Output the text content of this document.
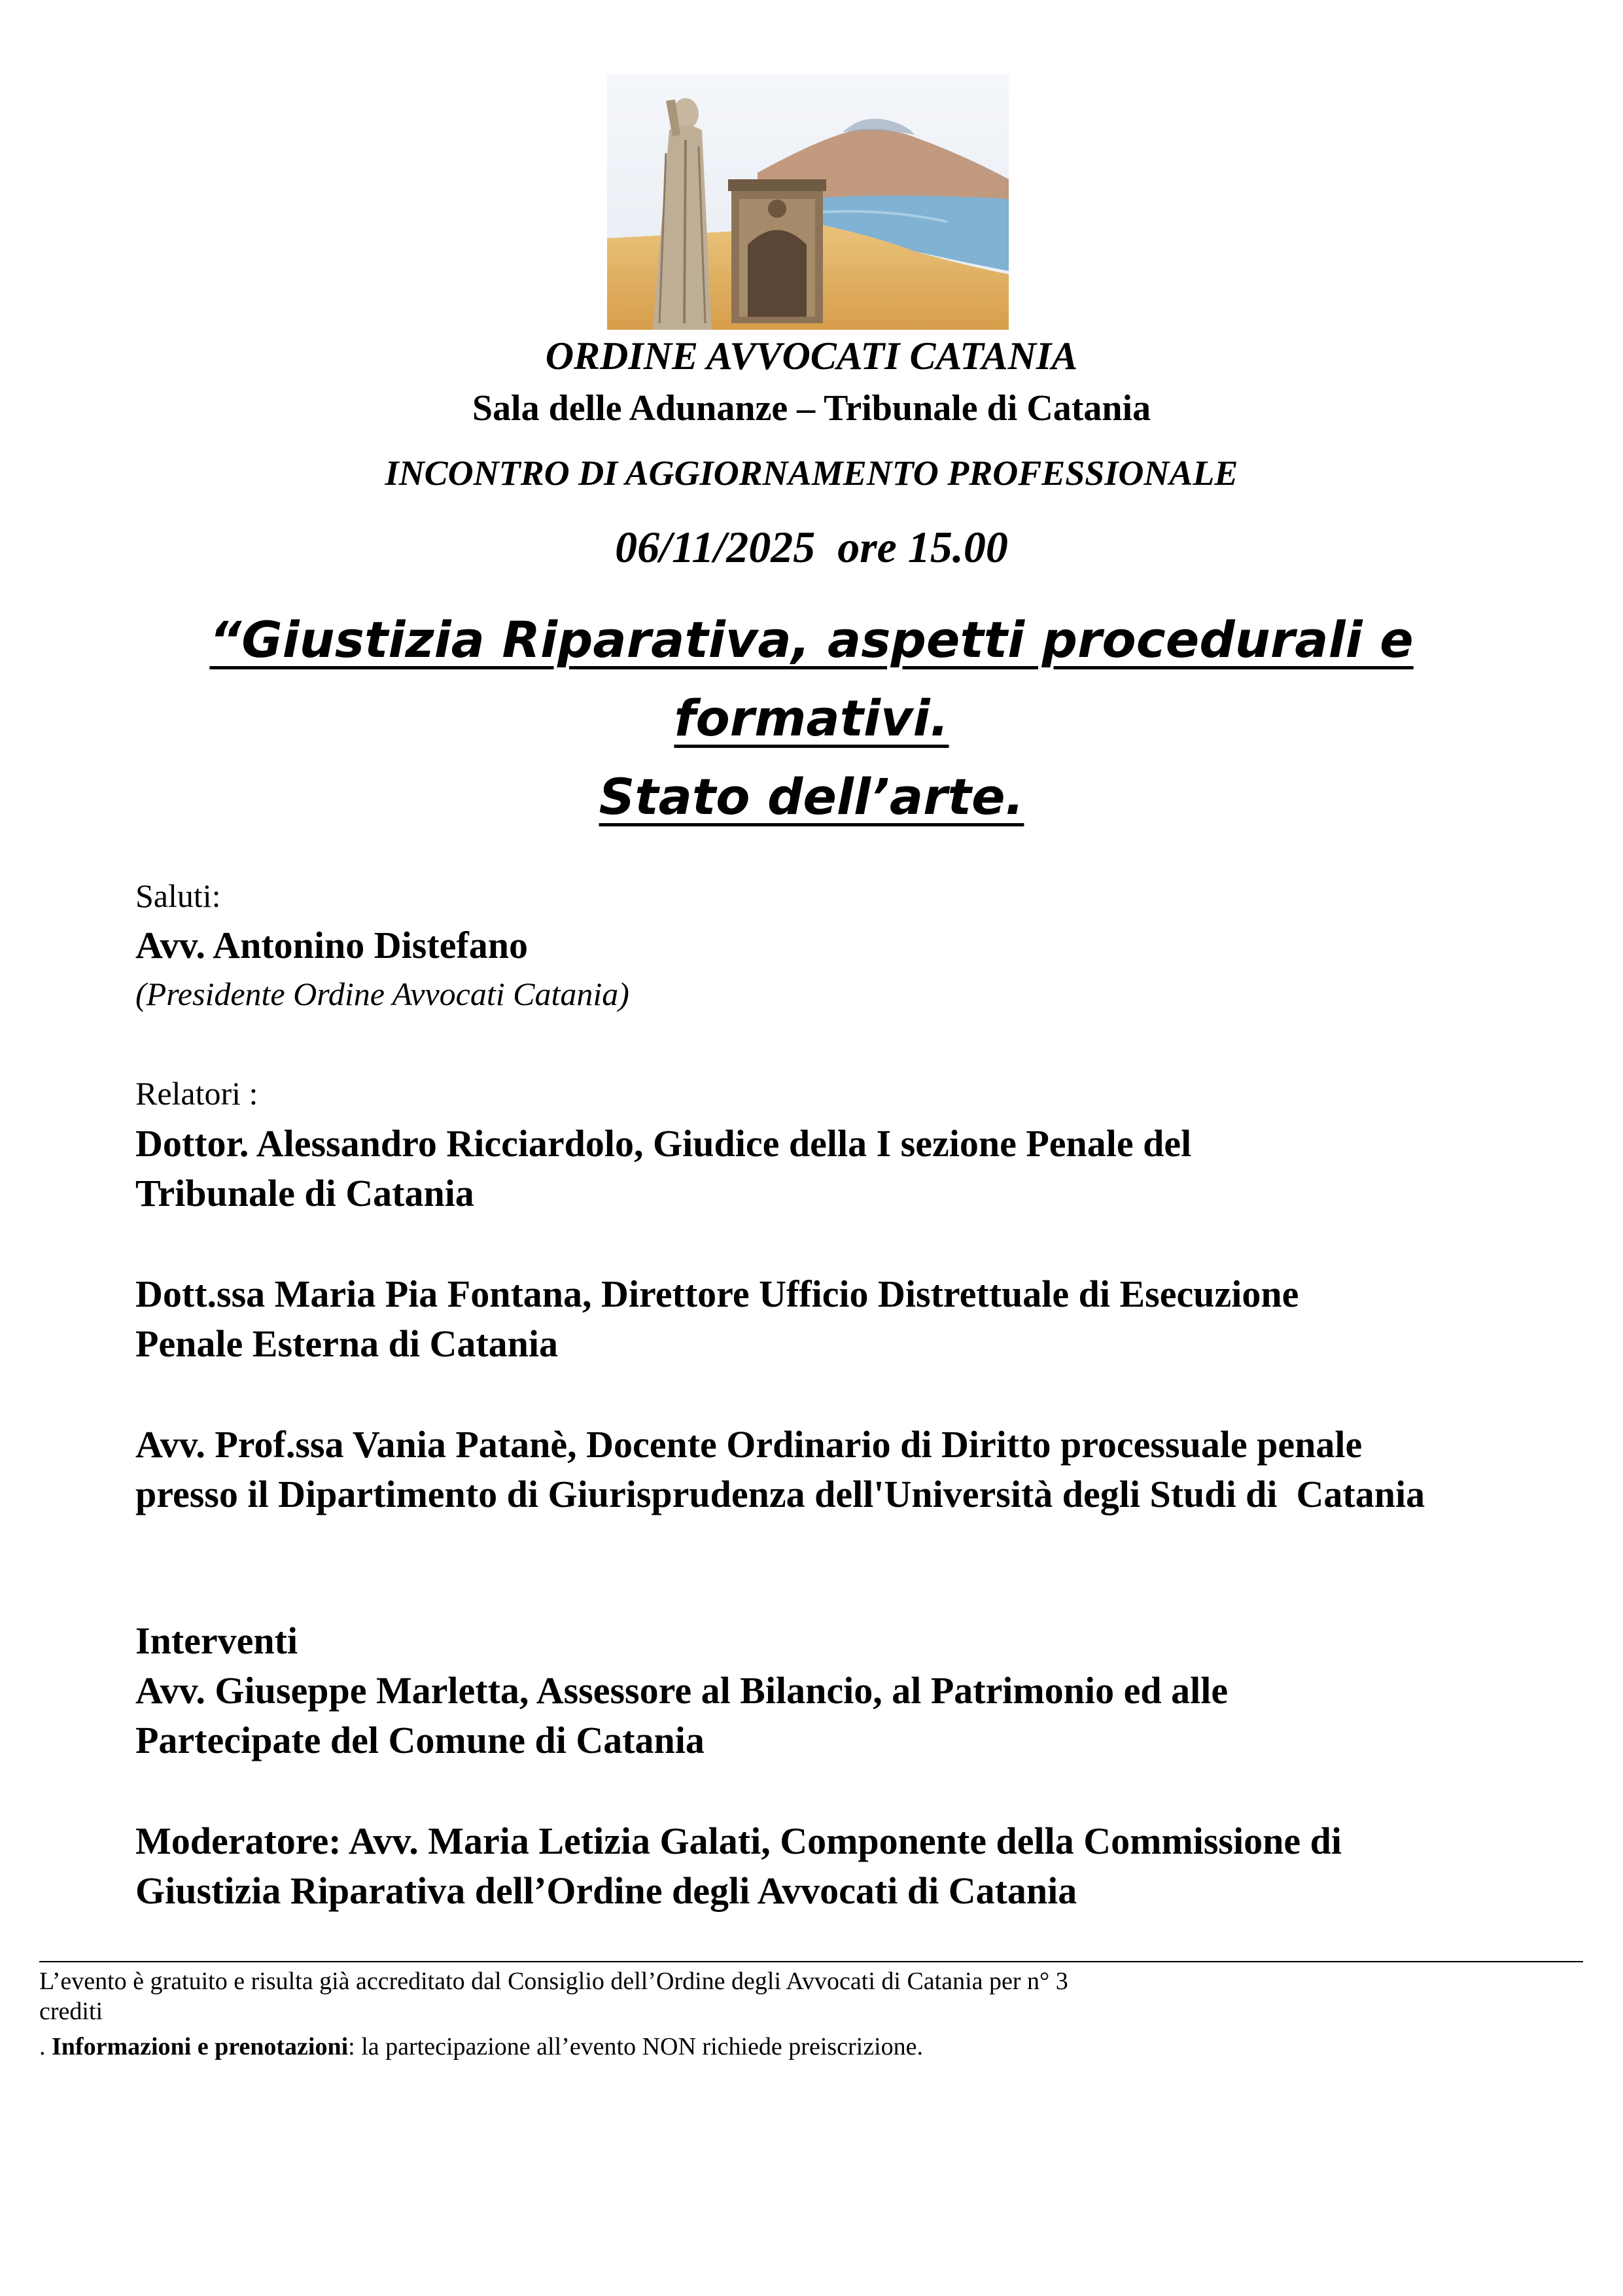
ORDINE AVVOCATI CATANIA
Sala delle Adunanze – Tribunale di Catania
INCONTRO DI AGGIORNAMENTO PROFESSIONALE
06/11/2025  ore 15.00
“Giustizia Riparativa, aspetti procedurali e
formativi.
Stato dell’arte.
Saluti:
Avv. Antonino Distefano
(Presidente Ordine Avvocati Catania)
Relatori :
Dottor. Alessandro Ricciardolo, Giudice della I sezione Penale del
Tribunale di Catania
Dott.ssa Maria Pia Fontana, Direttore Ufficio Distrettuale di Esecuzione
Penale Esterna di Catania
Avv. Prof.ssa Vania Patanè, Docente Ordinario di Diritto processuale penale
presso il Dipartimento di Giurisprudenza dell'Università degli Studi di  Catania
Interventi
Avv. Giuseppe Marletta, Assessore al Bilancio, al Patrimonio ed alle
Partecipate del Comune di Catania
Moderatore: Avv. Maria Letizia Galati, Componente della Commissione di
Giustizia Riparativa dell’Ordine degli Avvocati di Catania
L’evento è gratuito e risulta già accreditato dal Consiglio dell’Ordine degli Avvocati di Catania per n° 3
crediti
. Informazioni e prenotazioni: la partecipazione all’evento NON richiede preiscrizione.
